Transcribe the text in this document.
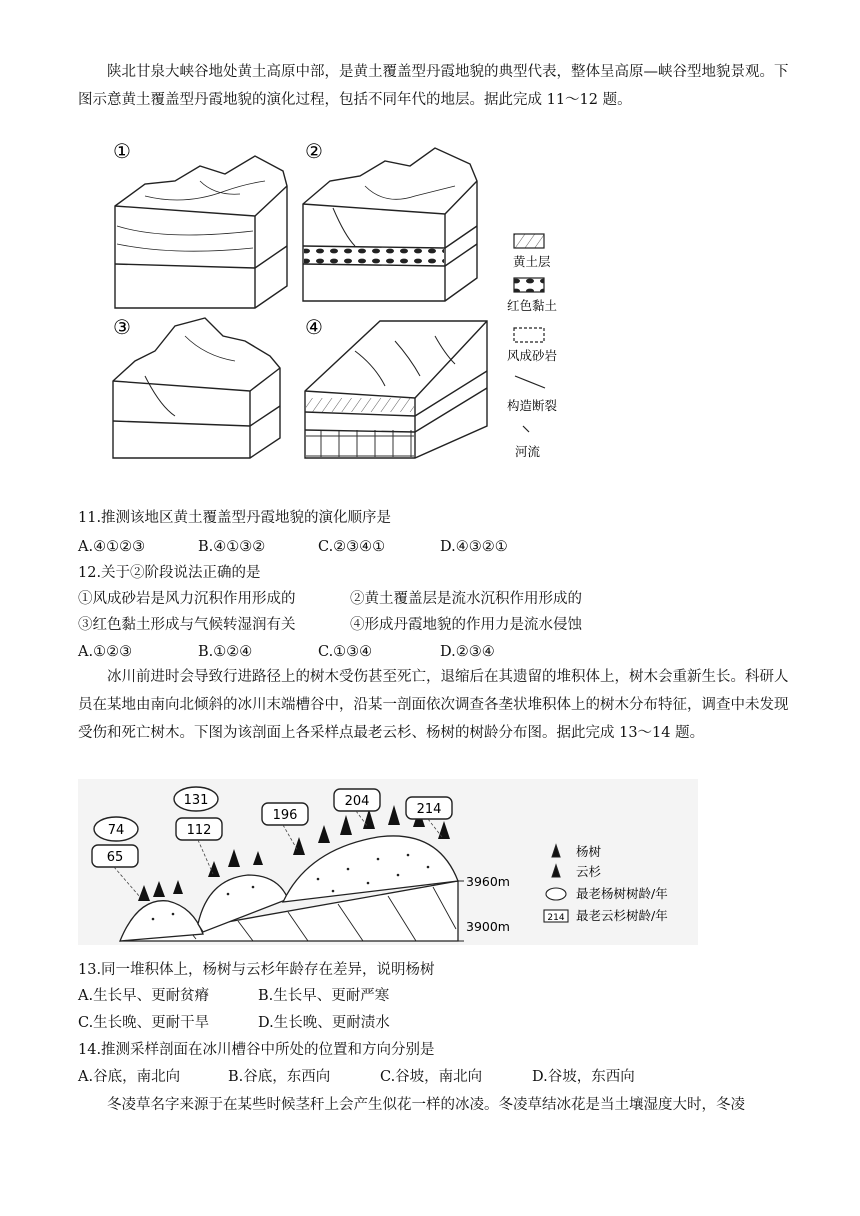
陕北甘泉大峡谷地处黄土高原中部，是黄土覆盖型丹霞地貌的典型代表，整体呈高原—峡谷型地貌景观。下图示意黄土覆盖型丹霞地貌的演化过程，包括不同年代的地层。据此完成 11～12 题。

①	②
③	④
黄土层
红色黏土
风成砂岩
构造断裂
河流
11.推测该地区黄土覆盖型丹霞地貌的演化顺序是
A.④①②③	B.④①③②	C.②③④①	D.④③②①
12.关于②阶段说法正确的是
①风成砂岩是风力沉积作用形成的	②黄土覆盖层是流水沉积作用形成的
③红色黏土形成与气候转湿润有关	④形成丹霞地貌的作用力是流水侵蚀
A.①②③	B.①②④	C.①③④	D.②③④

冰川前进时会导致行进路径上的树木受伤甚至死亡，退缩后在其遗留的堆积体上，树木会重新生长。科研人员在某地由南向北倾斜的冰川末端槽谷中，沿某一剖面依次调查各垄状堆积体上的树木分布特征，调查中未发现受伤和死亡树木。下图为该剖面上各采样点最老云杉、杨树的树龄分布图。据此完成 13～14 题。

74
65
131
112
196
204
214
3960m
3900m
214
杨树
云杉
最老杨树树龄/年
最老云杉树龄/年
13.同一堆积体上，杨树与云杉年龄存在差异，说明杨树
A.生长早、更耐贫瘠	B.生长早、更耐严寒
C.生长晚、更耐干旱	D.生长晚、更耐渍水
14.推测采样剖面在冰川槽谷中所处的位置和方向分别是
A.谷底，南北向	B.谷底，东西向	C.谷坡，南北向	D.谷坡，东西向

冬凌草名字来源于在某些时候茎秆上会产生似花一样的冰凌。冬凌草结冰花是当土壤湿度大时，冬凌
